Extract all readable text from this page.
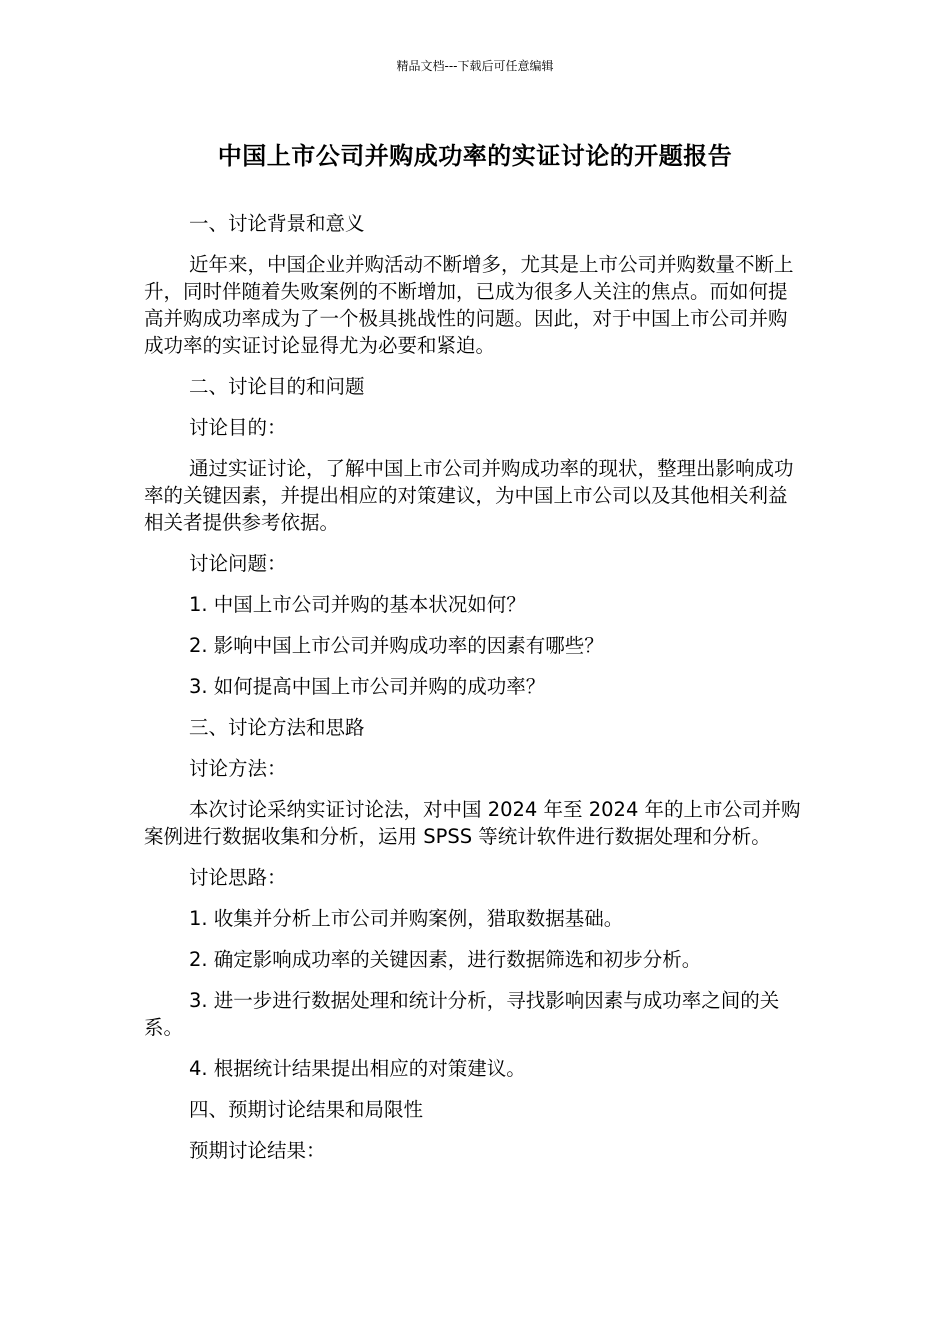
精品文档---下载后可任意编辑
中国上市公司并购成功率的实证讨论的开题报告

一、讨论背景和意义

近年来，中国企业并购活动不断增多，尤其是上市公司并购数量不断上升，同时伴随着失败案例的不断增加，已成为很多人关注的焦点。而如何提高并购成功率成为了一个极具挑战性的问题。因此，对于中国上市公司并购成功率的实证讨论显得尤为必要和紧迫。

二、讨论目的和问题

讨论目的：

通过实证讨论，了解中国上市公司并购成功率的现状，整理出影响成功率的关键因素，并提出相应的对策建议，为中国上市公司以及其他相关利益相关者提供参考依据。

讨论问题：

1. 中国上市公司并购的基本状况如何？

2. 影响中国上市公司并购成功率的因素有哪些？

3. 如何提高中国上市公司并购的成功率？

三、讨论方法和思路

讨论方法：

本次讨论采纳实证讨论法，对中国 2024 年至 2024 年的上市公司并购案例进行数据收集和分析，运用 SPSS 等统计软件进行数据处理和分析。

讨论思路：

1. 收集并分析上市公司并购案例，猎取数据基础。

2. 确定影响成功率的关键因素，进行数据筛选和初步分析。

3. 进一步进行数据处理和统计分析，寻找影响因素与成功率之间的关系。

4. 根据统计结果提出相应的对策建议。

四、预期讨论结果和局限性

预期讨论结果：
